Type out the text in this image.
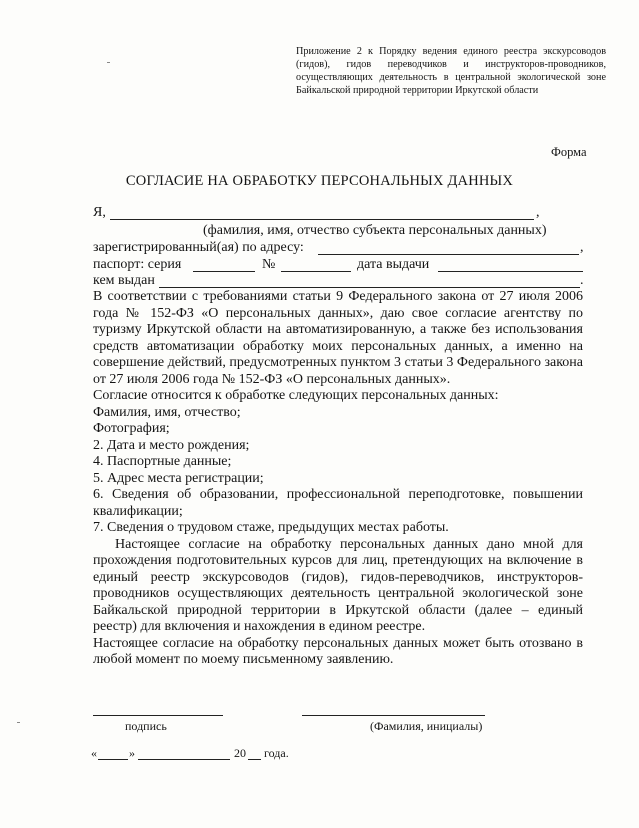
Приложение 2 к Порядку ведения единого реестра экскурсоводов (гидов), гидов переводчиков и инструкторов-проводников, осуществляющих деятельность в центральной экологической зоне Байкальской природной территории Иркутской области
Форма
СОГЛАСИЕ НА ОБРАБОТКУ ПЕРСОНАЛЬНЫХ ДАННЫХ
Я,	,
(фамилия, имя, отчество субъекта персональных данных)
зарегистрированный(ая) по адресу:	,
паспорт: серия	№	дата выдачи
кем выдан	.

В соответствии с требованиями статьи 9 Федерального закона от 27 июля 2006 года № 152-ФЗ «О персональных данных», даю свое согласие агентству по туризму Иркутской области на автоматизированную, а также без использования средств автоматизации обработку моих персональных данных, а именно на совершение действий, предусмотренных пунктом 3 статьи 3 Федерального закона от 27 июля 2006 года № 152-ФЗ «О персональных данных».

Согласие относится к обработке следующих персональных данных:

Фамилия, имя, отчество;

Фотография;

2. Дата и место рождения;

4. Паспортные данные;

5. Адрес места регистрации;

6. Сведения об образовании, профессиональной переподготовке, повышении квалификации;

7. Сведения о трудовом стаже, предыдущих местах работы.

Настоящее согласие на обработку персональных данных дано мной для прохождения подготовительных курсов для лиц, претендующих на включение в единый реестр экскурсоводов (гидов), гидов-переводчиков, инструкторов-проводников осуществляющих деятельность центральной экологической зоне Байкальской природной территории в Иркутской области (далее – единый реестр) для включения и нахождения в едином реестре.

Настоящее согласие на обработку персональных данных может быть отозвано в любой момент по моему письменному заявлению.

подпись	(Фамилия, инициалы)
«	»	20 года.
